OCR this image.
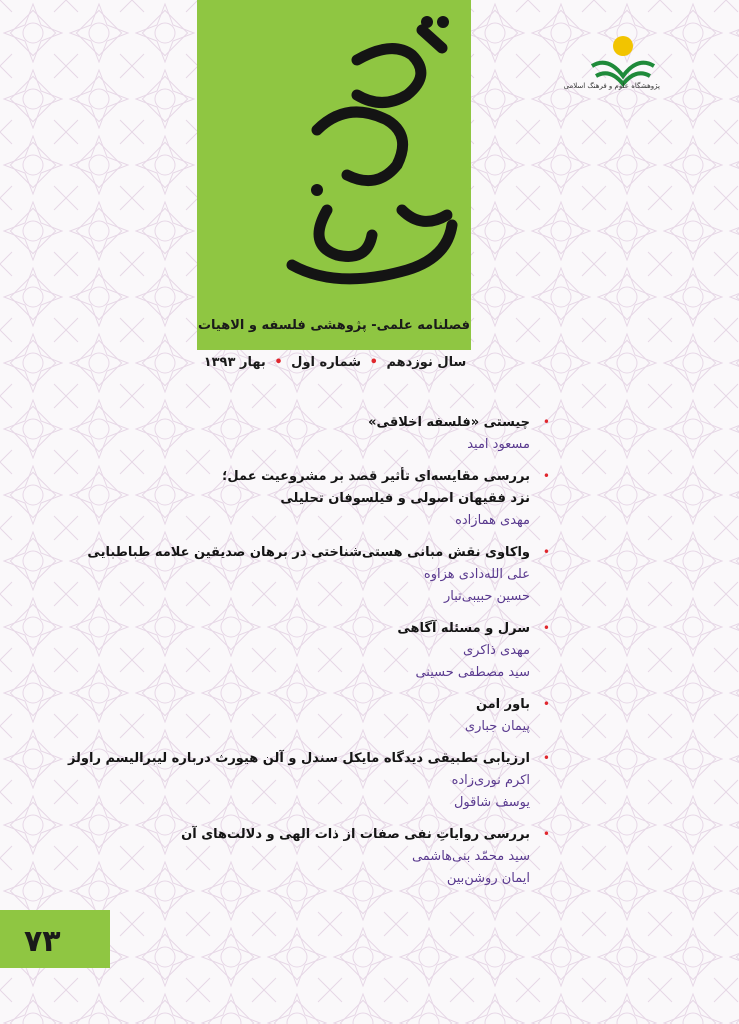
فصلنامه علمی- پژوهشی فلسفه و الاهیات
پژوهشگاه علوم و فرهنگ اسلامی
سال نوزدهم • شماره اول • بهار ۱۳۹۳
•
چیستی «فلسفه اخلاقی»
مسعود امید
•
بررسی مقایسه‌ای تأثیر قصد بر مشروعیت عمل؛
نزد فقیهان اصولی و فیلسوفان تحلیلی
مهدی همازاده
•
واکاوی نقش مبانی هستی‌شناختی در برهان صدیقین علامه طباطبایی
علی الله‌دادی هزاوه
حسین حبیبی‌تبار
•
سرل و مسئله آگاهی
مهدی ذاکری
سید مصطفی حسینی
•
باور امن
پیمان جباری
•
ارزیابی تطبیقی دیدگاه مایکل سندل و آلن هیورث درباره لیبرالیسم راولز
اکرم نوری‌زاده
یوسف شاقول
•
بررسی روایاتِ نفی صفات از ذات الهی و دلالت‌های آن
سید محمّد بنی‌هاشمی
ایمان روشن‌بین
۷۳
